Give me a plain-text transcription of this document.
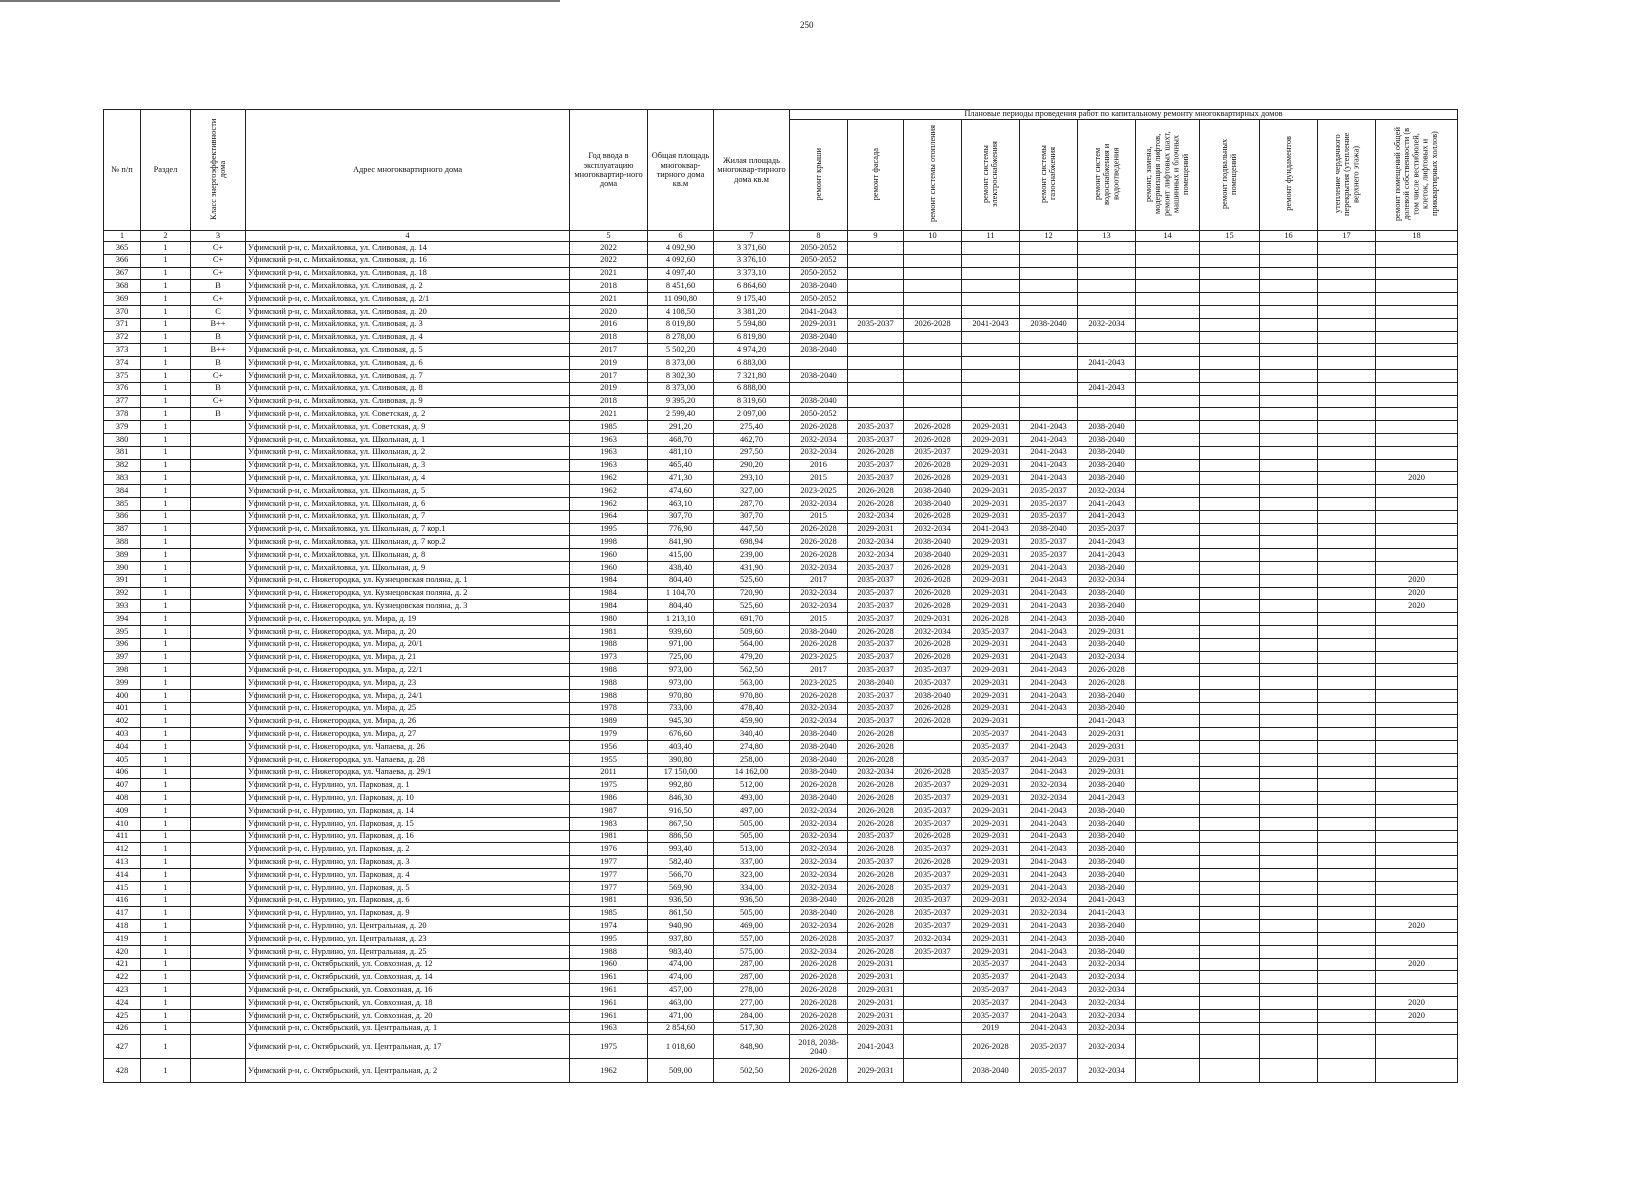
250
№ п/п	Раздел	Класс энергоэффективности дома	Адрес многоквартирного дома	Год ввода в эксплуатацию многоквартир-ного дома	Общая площадь многоквар-тирного дома кв.м	Жилая площадь многоквар-тирного дома кв.м	Плановые периоды проведения работ по капитальному ремонту многоквартирных домов										
							ремонт крыши	ремонт фасада	ремонт системы отопления	ремонт системы электроснабжения	ремонт системы газоснабжения	ремонт систем водоснабжения и водоотведения	ремонт, замена, модернизация лифтов, ремонт лифтовых шахт, машинных и блочных помещений	ремонт подвальных помещений	ремонт фундаментов	утепление чердачного перекрытия (утепление верхнего этажа)	ремонт помещений общей долевой собственности (в том числе вестибюлей, клеток, лифтовых и приквартирных холлов)
1	2	3	4	5	6	7	8	9	10	11	12	13	14	15	16	17	18
365	1	C+	Уфимский р-н, с. Михайловка, ул. Сливовая, д. 14	2022	4 092,90	3 371,60	2050-2052										
366	1	C+	Уфимский р-н, с. Михайловка, ул. Сливовая, д. 16	2022	4 092,60	3 376,10	2050-2052										
367	1	C+	Уфимский р-н, с. Михайловка, ул. Сливовая, д. 18	2021	4 097,40	3 373,10	2050-2052										
368	1	B	Уфимский р-н, с. Михайловка, ул. Сливовая, д. 2	2018	8 451,60	6 864,60	2038-2040										
369	1	C+	Уфимский р-н, с. Михайловка, ул. Сливовая, д. 2/1	2021	11 090,80	9 175,40	2050-2052										
370	1	C	Уфимский р-н, с. Михайловка, ул. Сливовая, д. 20	2020	4 108,50	3 381,20	2041-2043										
371	1	B++	Уфимский р-н, с. Михайловка, ул. Сливовая, д. 3	2016	8 019,80	5 594,80	2029-2031	2035-2037	2026-2028	2041-2043	2038-2040	2032-2034					
372	1	B	Уфимский р-н, с. Михайловка, ул. Сливовая, д. 4	2018	8 278,00	6 819,80	2038-2040										
373	1	B++	Уфимский р-н, с. Михайловка, ул. Сливовая, д. 5	2017	5 502,20	4 974,20	2038-2040										
374	1	B	Уфимский р-н, с. Михайловка, ул. Сливовая, д. 6	2019	8 373,00	6 883,00						2041-2043					
375	1	C+	Уфимский р-н, с. Михайловка, ул. Сливовая, д. 7	2017	8 302,30	7 321,80	2038-2040										
376	1	B	Уфимский р-н, с. Михайловка, ул. Сливовая, д. 8	2019	8 373,00	6 888,00						2041-2043					
377	1	C+	Уфимский р-н, с. Михайловка, ул. Сливовая, д. 9	2018	9 395,20	8 319,60	2038-2040										
378	1	B	Уфимский р-н, с. Михайловка, ул. Советская, д. 2	2021	2 599,40	2 097,00	2050-2052										
379	1		Уфимский р-н, с. Михайловка, ул. Советская, д. 9	1985	291,20	275,40	2026-2028	2035-2037	2026-2028	2029-2031	2041-2043	2038-2040					
380	1		Уфимский р-н, с. Михайловка, ул. Школьная, д. 1	1963	468,70	462,70	2032-2034	2035-2037	2026-2028	2029-2031	2041-2043	2038-2040					
381	1		Уфимский р-н, с. Михайловка, ул. Школьная, д. 2	1963	481,10	297,50	2032-2034	2026-2028	2035-2037	2029-2031	2041-2043	2038-2040					
382	1		Уфимский р-н, с. Михайловка, ул. Школьная, д. 3	1963	465,40	290,20	2016	2035-2037	2026-2028	2029-2031	2041-2043	2038-2040					
383	1		Уфимский р-н, с. Михайловка, ул. Школьная, д. 4	1962	471,30	293,10	2015	2035-2037	2026-2028	2029-2031	2041-2043	2038-2040					2020
384	1		Уфимский р-н, с. Михайловка, ул. Школьная, д. 5	1962	474,60	327,00	2023-2025	2026-2028	2038-2040	2029-2031	2035-2037	2032-2034					
385	1		Уфимский р-н, с. Михайловка, ул. Школьная, д. 6	1962	463,10	287,70	2032-2034	2026-2028	2038-2040	2029-2031	2035-2037	2041-2043					
386	1		Уфимский р-н, с. Михайловка, ул. Школьная, д. 7	1964	307,70	307,70	2015	2032-2034	2026-2028	2029-2031	2035-2037	2041-2043					
387	1		Уфимский р-н, с. Михайловка, ул. Школьная, д. 7 кор.1	1995	776,90	447,50	2026-2028	2029-2031	2032-2034	2041-2043	2038-2040	2035-2037					
388	1		Уфимский р-н, с. Михайловка, ул. Школьная, д. 7 кор.2	1998	841,90	698,94	2026-2028	2032-2034	2038-2040	2029-2031	2035-2037	2041-2043					
389	1		Уфимский р-н, с. Михайловка, ул. Школьная, д. 8	1960	415,00	239,00	2026-2028	2032-2034	2038-2040	2029-2031	2035-2037	2041-2043					
390	1		Уфимский р-н, с. Михайловка, ул. Школьная, д. 9	1960	438,40	431,90	2032-2034	2035-2037	2026-2028	2029-2031	2041-2043	2038-2040					
391	1		Уфимский р-н, с. Нижегородка, ул. Кузнецовская поляна, д. 1	1984	804,40	525,60	2017	2035-2037	2026-2028	2029-2031	2041-2043	2032-2034					2020
392	1		Уфимский р-н, с. Нижегородка, ул. Кузнецовская поляна, д. 2	1984	1 104,70	720,90	2032-2034	2035-2037	2026-2028	2029-2031	2041-2043	2038-2040					2020
393	1		Уфимский р-н, с. Нижегородка, ул. Кузнецовская поляна, д. 3	1984	804,40	525,60	2032-2034	2035-2037	2026-2028	2029-2031	2041-2043	2038-2040					2020
394	1		Уфимский р-н, с. Нижегородка, ул. Мира, д. 19	1980	1 213,10	691,70	2015	2035-2037	2029-2031	2026-2028	2041-2043	2038-2040					
395	1		Уфимский р-н, с. Нижегородка, ул. Мира, д. 20	1981	939,60	509,60	2038-2040	2026-2028	2032-2034	2035-2037	2041-2043	2029-2031					
396	1		Уфимский р-н, с. Нижегородка, ул. Мира, д. 20/1	1988	971,00	564,00	2026-2028	2035-2037	2026-2028	2029-2031	2041-2043	2038-2040					
397	1		Уфимский р-н, с. Нижегородка, ул. Мира, д. 21	1973	725,00	479,20	2023-2025	2035-2037	2026-2028	2029-2031	2041-2043	2032-2034					
398	1		Уфимский р-н, с. Нижегородка, ул. Мира, д. 22/1	1988	973,00	562,50	2017	2035-2037	2035-2037	2029-2031	2041-2043	2026-2028					
399	1		Уфимский р-н, с. Нижегородка, ул. Мира, д. 23	1988	973,00	563,00	2023-2025	2038-2040	2035-2037	2029-2031	2041-2043	2026-2028					
400	1		Уфимский р-н, с. Нижегородка, ул. Мира, д. 24/1	1988	970,80	970,80	2026-2028	2035-2037	2038-2040	2029-2031	2041-2043	2038-2040					
401	1		Уфимский р-н, с. Нижегородка, ул. Мира, д. 25	1978	733,00	478,40	2032-2034	2035-2037	2026-2028	2029-2031	2041-2043	2038-2040					
402	1		Уфимский р-н, с. Нижегородка, ул. Мира, д. 26	1989	945,30	459,90	2032-2034	2035-2037	2026-2028	2029-2031		2041-2043					
403	1		Уфимский р-н, с. Нижегородка, ул. Мира, д. 27	1979	676,60	340,40	2038-2040	2026-2028		2035-2037	2041-2043	2029-2031					
404	1		Уфимский р-н, с. Нижегородка, ул. Чапаева, д. 26	1956	403,40	274,80	2038-2040	2026-2028		2035-2037	2041-2043	2029-2031					
405	1		Уфимский р-н, с. Нижегородка, ул. Чапаева, д. 28	1955	390,80	258,00	2038-2040	2026-2028		2035-2037	2041-2043	2029-2031					
406	1		Уфимский р-н, с. Нижегородка, ул. Чапаева, д. 29/1	2011	17 150,00	14 162,00	2038-2040	2032-2034	2026-2028	2035-2037	2041-2043	2029-2031					
407	1		Уфимский р-н, с. Нурлино, ул. Парковая, д. 1	1975	992,80	512,00	2026-2028	2026-2028	2035-2037	2029-2031	2032-2034	2038-2040					
408	1		Уфимский р-н, с. Нурлино, ул. Парковая, д. 10	1986	846,30	493,00	2038-2040	2026-2028	2035-2037	2029-2031	2032-2034	2041-2043					
409	1		Уфимский р-н, с. Нурлино, ул. Парковая, д. 14	1987	916,50	497,00	2032-2034	2026-2028	2035-2037	2029-2031	2041-2043	2038-2040					
410	1		Уфимский р-н, с. Нурлино, ул. Парковая, д. 15	1983	867,50	505,00	2032-2034	2026-2028	2035-2037	2029-2031	2041-2043	2038-2040					
411	1		Уфимский р-н, с. Нурлино, ул. Парковая, д. 16	1981	886,50	505,00	2032-2034	2035-2037	2026-2028	2029-2031	2041-2043	2038-2040					
412	1		Уфимский р-н, с. Нурлино, ул. Парковая, д. 2	1976	993,40	513,00	2032-2034	2026-2028	2035-2037	2029-2031	2041-2043	2038-2040					
413	1		Уфимский р-н, с. Нурлино, ул. Парковая, д. 3	1977	582,40	337,00	2032-2034	2035-2037	2026-2028	2029-2031	2041-2043	2038-2040					
414	1		Уфимский р-н, с. Нурлино, ул. Парковая, д. 4	1977	566,70	323,00	2032-2034	2026-2028	2035-2037	2029-2031	2041-2043	2038-2040					
415	1		Уфимский р-н, с. Нурлино, ул. Парковая, д. 5	1977	569,90	334,00	2032-2034	2026-2028	2035-2037	2029-2031	2041-2043	2038-2040					
416	1		Уфимский р-н, с. Нурлино, ул. Парковая, д. 6	1981	936,50	936,50	2038-2040	2026-2028	2035-2037	2029-2031	2032-2034	2041-2043					
417	1		Уфимский р-н, с. Нурлино, ул. Парковая, д. 9	1985	861,50	505,00	2038-2040	2026-2028	2035-2037	2029-2031	2032-2034	2041-2043					
418	1		Уфимский р-н, с. Нурлино, ул. Центральная, д. 20	1974	940,90	469,00	2032-2034	2026-2028	2035-2037	2029-2031	2041-2043	2038-2040					2020
419	1		Уфимский р-н, с. Нурлино, ул. Центральная, д. 23	1995	937,80	557,00	2026-2028	2035-2037	2032-2034	2029-2031	2041-2043	2038-2040					
420	1		Уфимский р-н, с. Нурлино, ул. Центральная, д. 25	1988	983,40	575,00	2032-2034	2026-2028	2035-2037	2029-2031	2041-2043	2038-2040					
421	1		Уфимский р-н, с. Октябрьский, ул. Совхозная, д. 12	1960	474,00	287,00	2026-2028	2029-2031		2035-2037	2041-2043	2032-2034					2020
422	1		Уфимский р-н, с. Октябрьский, ул. Совхозная, д. 14	1961	474,00	287,00	2026-2028	2029-2031		2035-2037	2041-2043	2032-2034					
423	1		Уфимский р-н, с. Октябрьский, ул. Совхозная, д. 16	1961	457,00	278,00	2026-2028	2029-2031		2035-2037	2041-2043	2032-2034					
424	1		Уфимский р-н, с. Октябрьский, ул. Совхозная, д. 18	1961	463,00	277,00	2026-2028	2029-2031		2035-2037	2041-2043	2032-2034					2020
425	1		Уфимский р-н, с. Октябрьский, ул. Совхозная, д. 20	1961	471,00	284,00	2026-2028	2029-2031		2035-2037	2041-2043	2032-2034					2020
426	1		Уфимский р-н, с. Октябрьский, ул. Центральная, д. 1	1963	2 854,60	517,30	2026-2028	2029-2031		2019	2041-2043	2032-2034					
427	1		Уфимский р-н, с. Октябрьский, ул. Центральная, д. 17	1975	1 018,60	848,90	2018, 2038-2040	2041-2043		2026-2028	2035-2037	2032-2034					
428	1		Уфимский р-н, с. Октябрьский, ул. Центральная, д. 2	1962	509,00	502,50	2026-2028	2029-2031		2038-2040	2035-2037	2032-2034					
